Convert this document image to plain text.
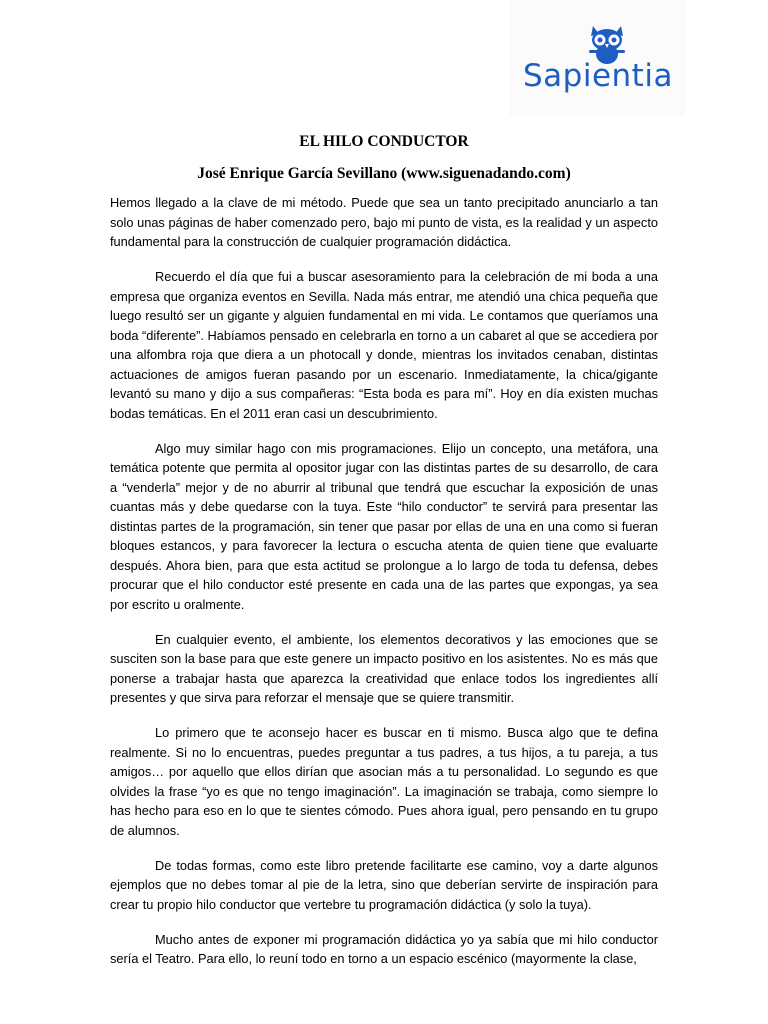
Sapientia
EL HILO CONDUCTOR
José Enrique García Sevillano (www.siguenadando.com)

Hemos llegado a la clave de mi método. Puede que sea un tanto precipitado anunciarlo a tan solo unas páginas de haber comenzado pero, bajo mi punto de vista, es la realidad y un aspecto fundamental para la construcción de cualquier programación didáctica.

Recuerdo el día que fui a buscar asesoramiento para la celebración de mi boda a una empresa que organiza eventos en Sevilla. Nada más entrar, me atendió una chica pequeña que luego resultó ser un gigante y alguien fundamental en mi vida. Le contamos que queríamos una boda “diferente”. Habíamos pensado en celebrarla en torno a un cabaret al que se accediera por una alfombra roja que diera a un photocall y donde, mientras los invitados cenaban, distintas actuaciones de amigos fueran pasando por un escenario. Inmediatamente, la chica/gigante levantó su mano y dijo a sus compañeras: “Esta boda es para mí”. Hoy en día existen muchas bodas temáticas. En el 2011 eran casi un descubrimiento.

Algo muy similar hago con mis programaciones. Elijo un concepto, una metáfora, una temática potente que permita al opositor jugar con las distintas partes de su desarrollo, de cara a “venderla” mejor y de no aburrir al tribunal que tendrá que escuchar la exposición de unas cuantas más y debe quedarse con la tuya. Este “hilo conductor” te servirá para presentar las distintas partes de la programación, sin tener que pasar por ellas de una en una como si fueran bloques estancos, y para favorecer la lectura o escucha atenta de quien tiene que evaluarte después. Ahora bien, para que esta actitud se prolongue a lo largo de toda tu defensa, debes procurar que el hilo conductor esté presente en cada una de las partes que expongas, ya sea por escrito u oralmente.

En cualquier evento, el ambiente, los elementos decorativos y las emociones que se susciten son la base para que este genere un impacto positivo en los asistentes. No es más que ponerse a trabajar hasta que aparezca la creatividad que enlace todos los ingredientes allí presentes y que sirva para reforzar el mensaje que se quiere transmitir.

Lo primero que te aconsejo hacer es buscar en ti mismo. Busca algo que te defina realmente. Si no lo encuentras, puedes preguntar a tus padres, a tus hijos, a tu pareja, a tus amigos… por aquello que ellos dirían que asocian más a tu personalidad. Lo segundo es que olvides la frase “yo es que no tengo imaginación”. La imaginación se trabaja, como siempre lo has hecho para eso en lo que te sientes cómodo. Pues ahora igual, pero pensando en tu grupo de alumnos.

De todas formas, como este libro pretende facilitarte ese camino, voy a darte algunos ejemplos que no debes tomar al pie de la letra, sino que deberían servirte de inspiración para crear tu propio hilo conductor que vertebre tu programación didáctica (y solo la tuya).

Mucho antes de exponer mi programación didáctica yo ya sabía que mi hilo conductor sería el Teatro. Para ello, lo reuní todo en torno a un espacio escénico (mayormente la clase,
